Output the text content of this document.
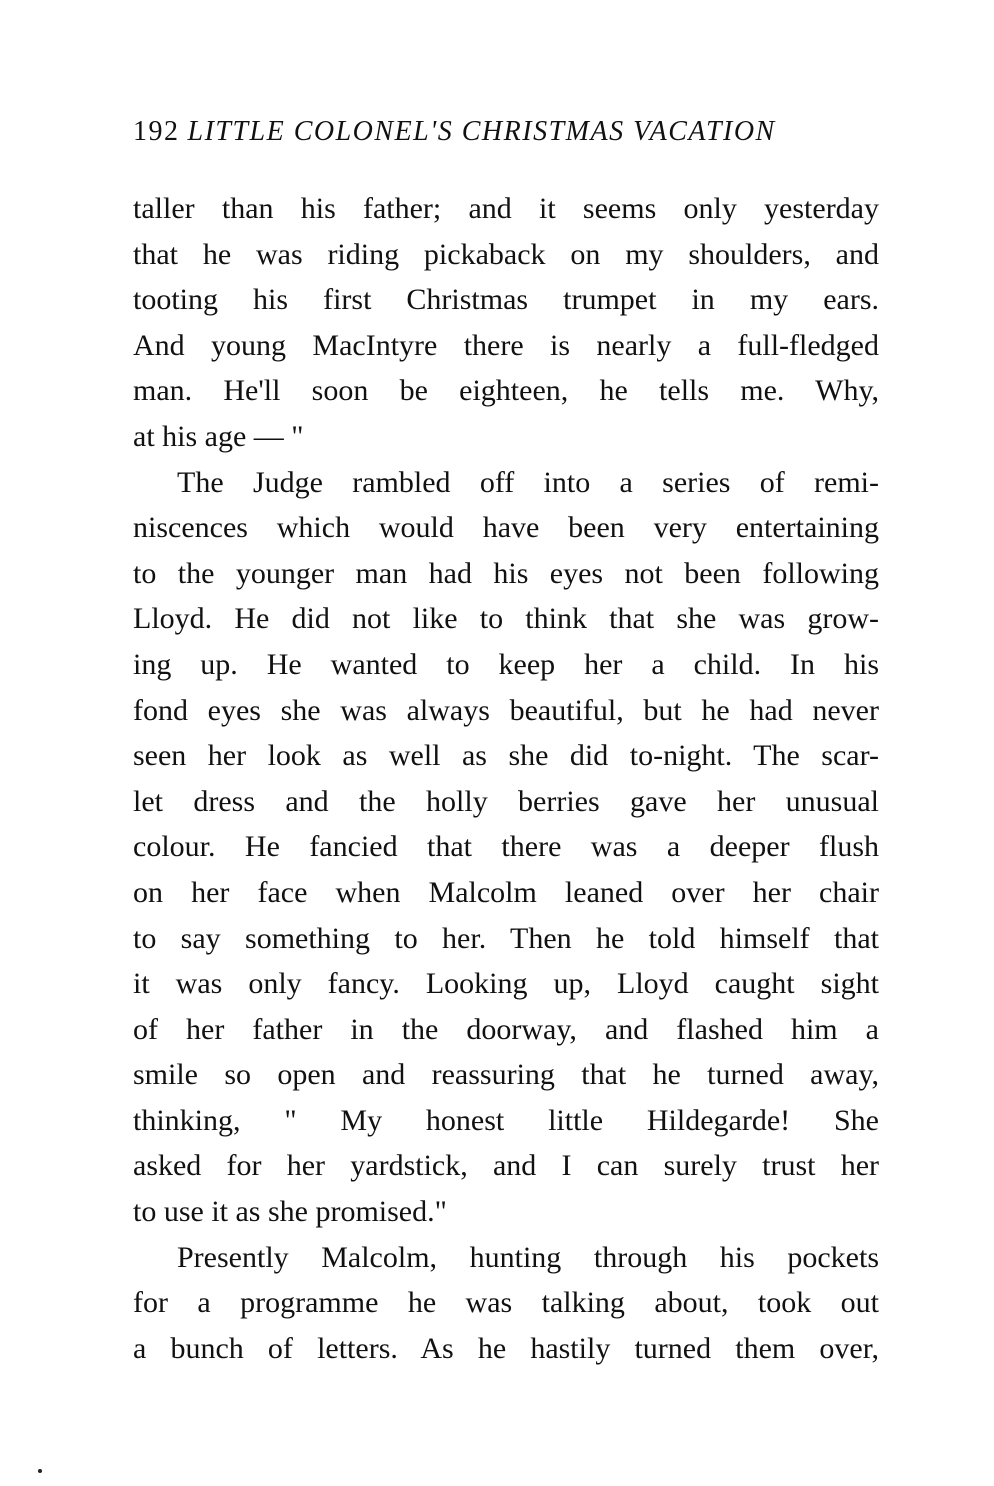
192 LITTLE COLONEL'S CHRISTMAS VACATION
taller than his father; and it seems only yesterday
that he was riding pickaback on my shoulders, and
tooting his first Christmas trumpet in my ears.
And young MacIntyre there is nearly a full-fledged
man. He'll soon be eighteen, he tells me. Why,
at his age — "
The Judge rambled off into a series of remi-
niscences which would have been very entertaining
to the younger man had his eyes not been following
Lloyd. He did not like to think that she was grow-
ing up. He wanted to keep her a child. In his
fond eyes she was always beautiful, but he had never
seen her look as well as she did to-night. The scar-
let dress and the holly berries gave her unusual
colour. He fancied that there was a deeper flush
on her face when Malcolm leaned over her chair
to say something to her. Then he told himself that
it was only fancy. Looking up, Lloyd caught sight
of her father in the doorway, and flashed him a
smile so open and reassuring that he turned away,
thinking, " My honest little Hildegarde! She
asked for her yardstick, and I can surely trust her
to use it as she promised."
Presently Malcolm, hunting through his pockets
for a programme he was talking about, took out
a bunch of letters. As he hastily turned them over,
